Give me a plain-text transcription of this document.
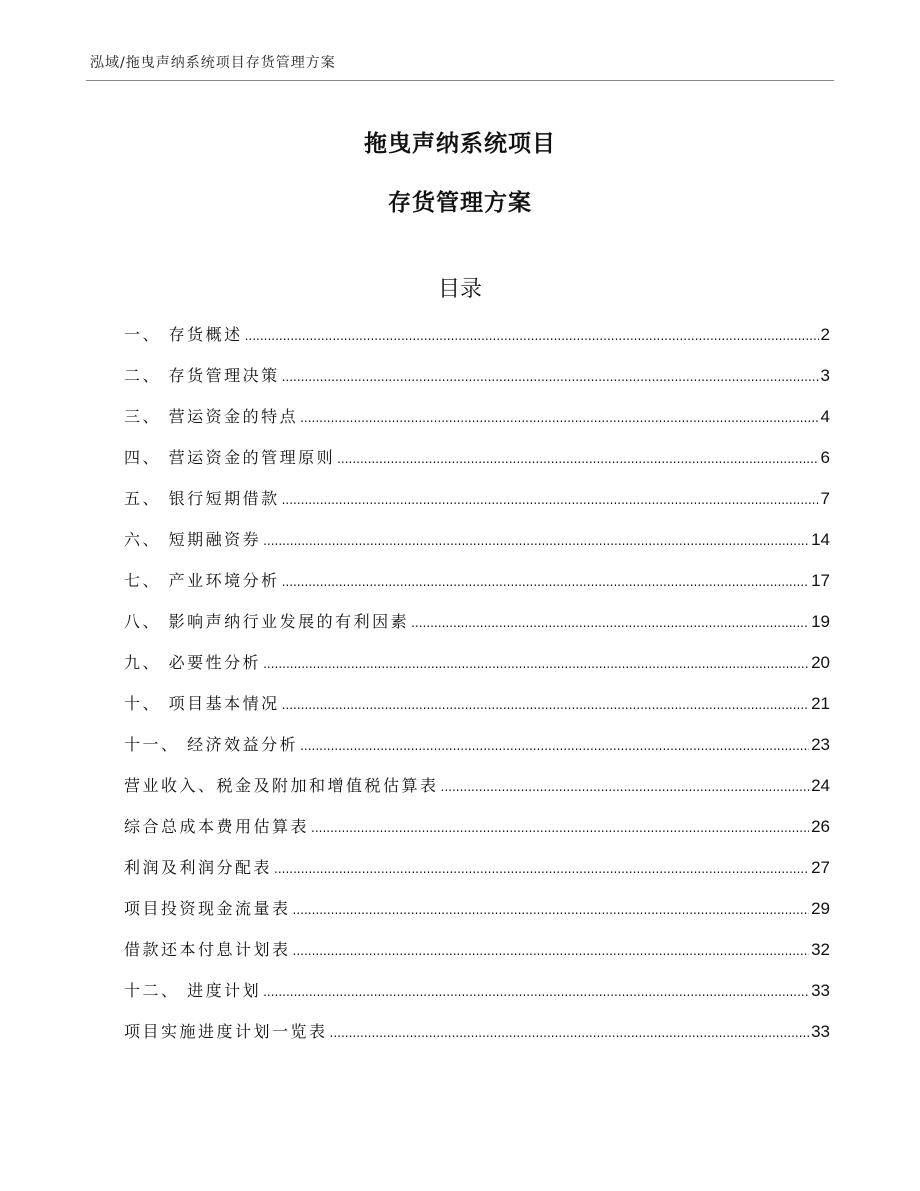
泓域/拖曳声纳系统项目存货管理方案
拖曳声纳系统项目
存货管理方案
目录
一、 存货概述 .....	2
二、 存货管理决策 .....	3
三、 营运资金的特点 .....	4
四、 营运资金的管理原则 .....	6
五、 银行短期借款 .....	7
六、 短期融资券 .....	14
七、 产业环境分析 .....	17
八、 影响声纳行业发展的有利因素 .....	19
九、 必要性分析 .....	20
十、 项目基本情况 .....	21
十一、 经济效益分析 .....	23
营业收入、税金及附加和增值税估算表 .....	24
综合总成本费用估算表 .....	26
利润及利润分配表 .....	27
项目投资现金流量表 .....	29
借款还本付息计划表 .....	32
十二、 进度计划 .....	33
项目实施进度计划一览表 .....	33
